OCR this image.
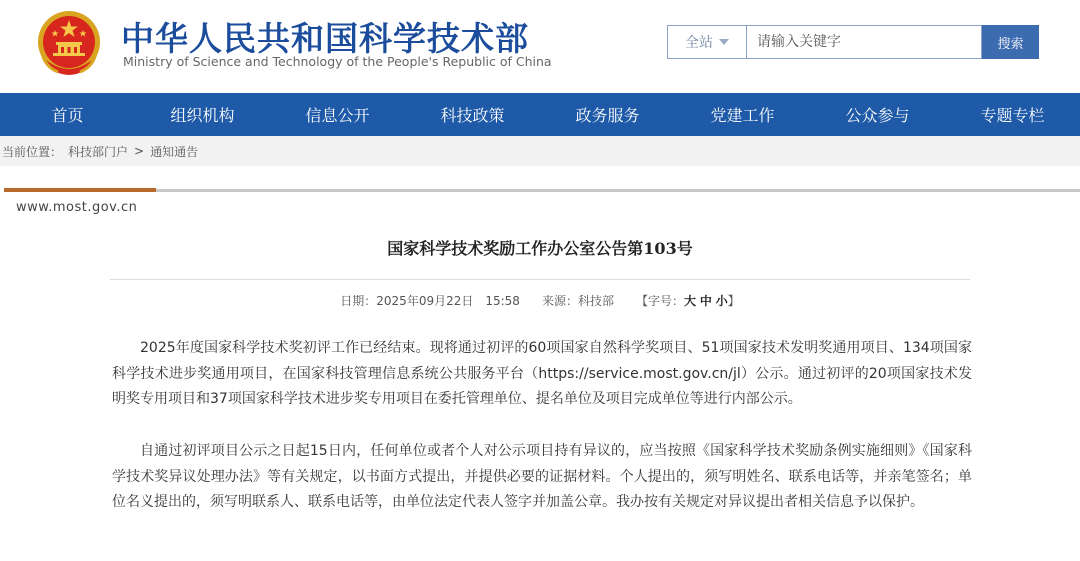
中华人民共和国科学技术部
Ministry of Science and Technology of the People's Republic of China
全站
请输入关键字	搜索
首页	组织机构	信息公开	科技政策	政务服务	党建工作	公众参与	专题专栏
当前位置： 科技部门户 > 通知通告
www.most.gov.cn
国家科学技术奖励工作办公室公告第103号
日期：2025年09月22日　15:58 来源：科技部 【字号：大 中 小】
2025年度国家科学技术奖初评工作已经结束。现将通过初评的60项国家自然科学奖项目、51项国家技术发明奖通用项目、134项国家科学技术进步奖通用项目，在国家科技管理信息系统公共服务平台（https://service.most.gov.cn/jl）公示。通过初评的20项国家技术发明奖专用项目和37项国家科学技术进步奖专用项目在委托管理单位、提名单位及项目完成单位等进行内部公示。
自通过初评项目公示之日起15日内，任何单位或者个人对公示项目持有异议的，应当按照《国家科学技术奖励条例实施细则》《国家科学技术奖异议处理办法》等有关规定，以书面方式提出，并提供必要的证据材料。个人提出的，须写明姓名、联系电话等，并亲笔签名；单位名义提出的，须写明联系人、联系电话等，由单位法定代表人签字并加盖公章。我办按有关规定对异议提出者相关信息予以保护。
